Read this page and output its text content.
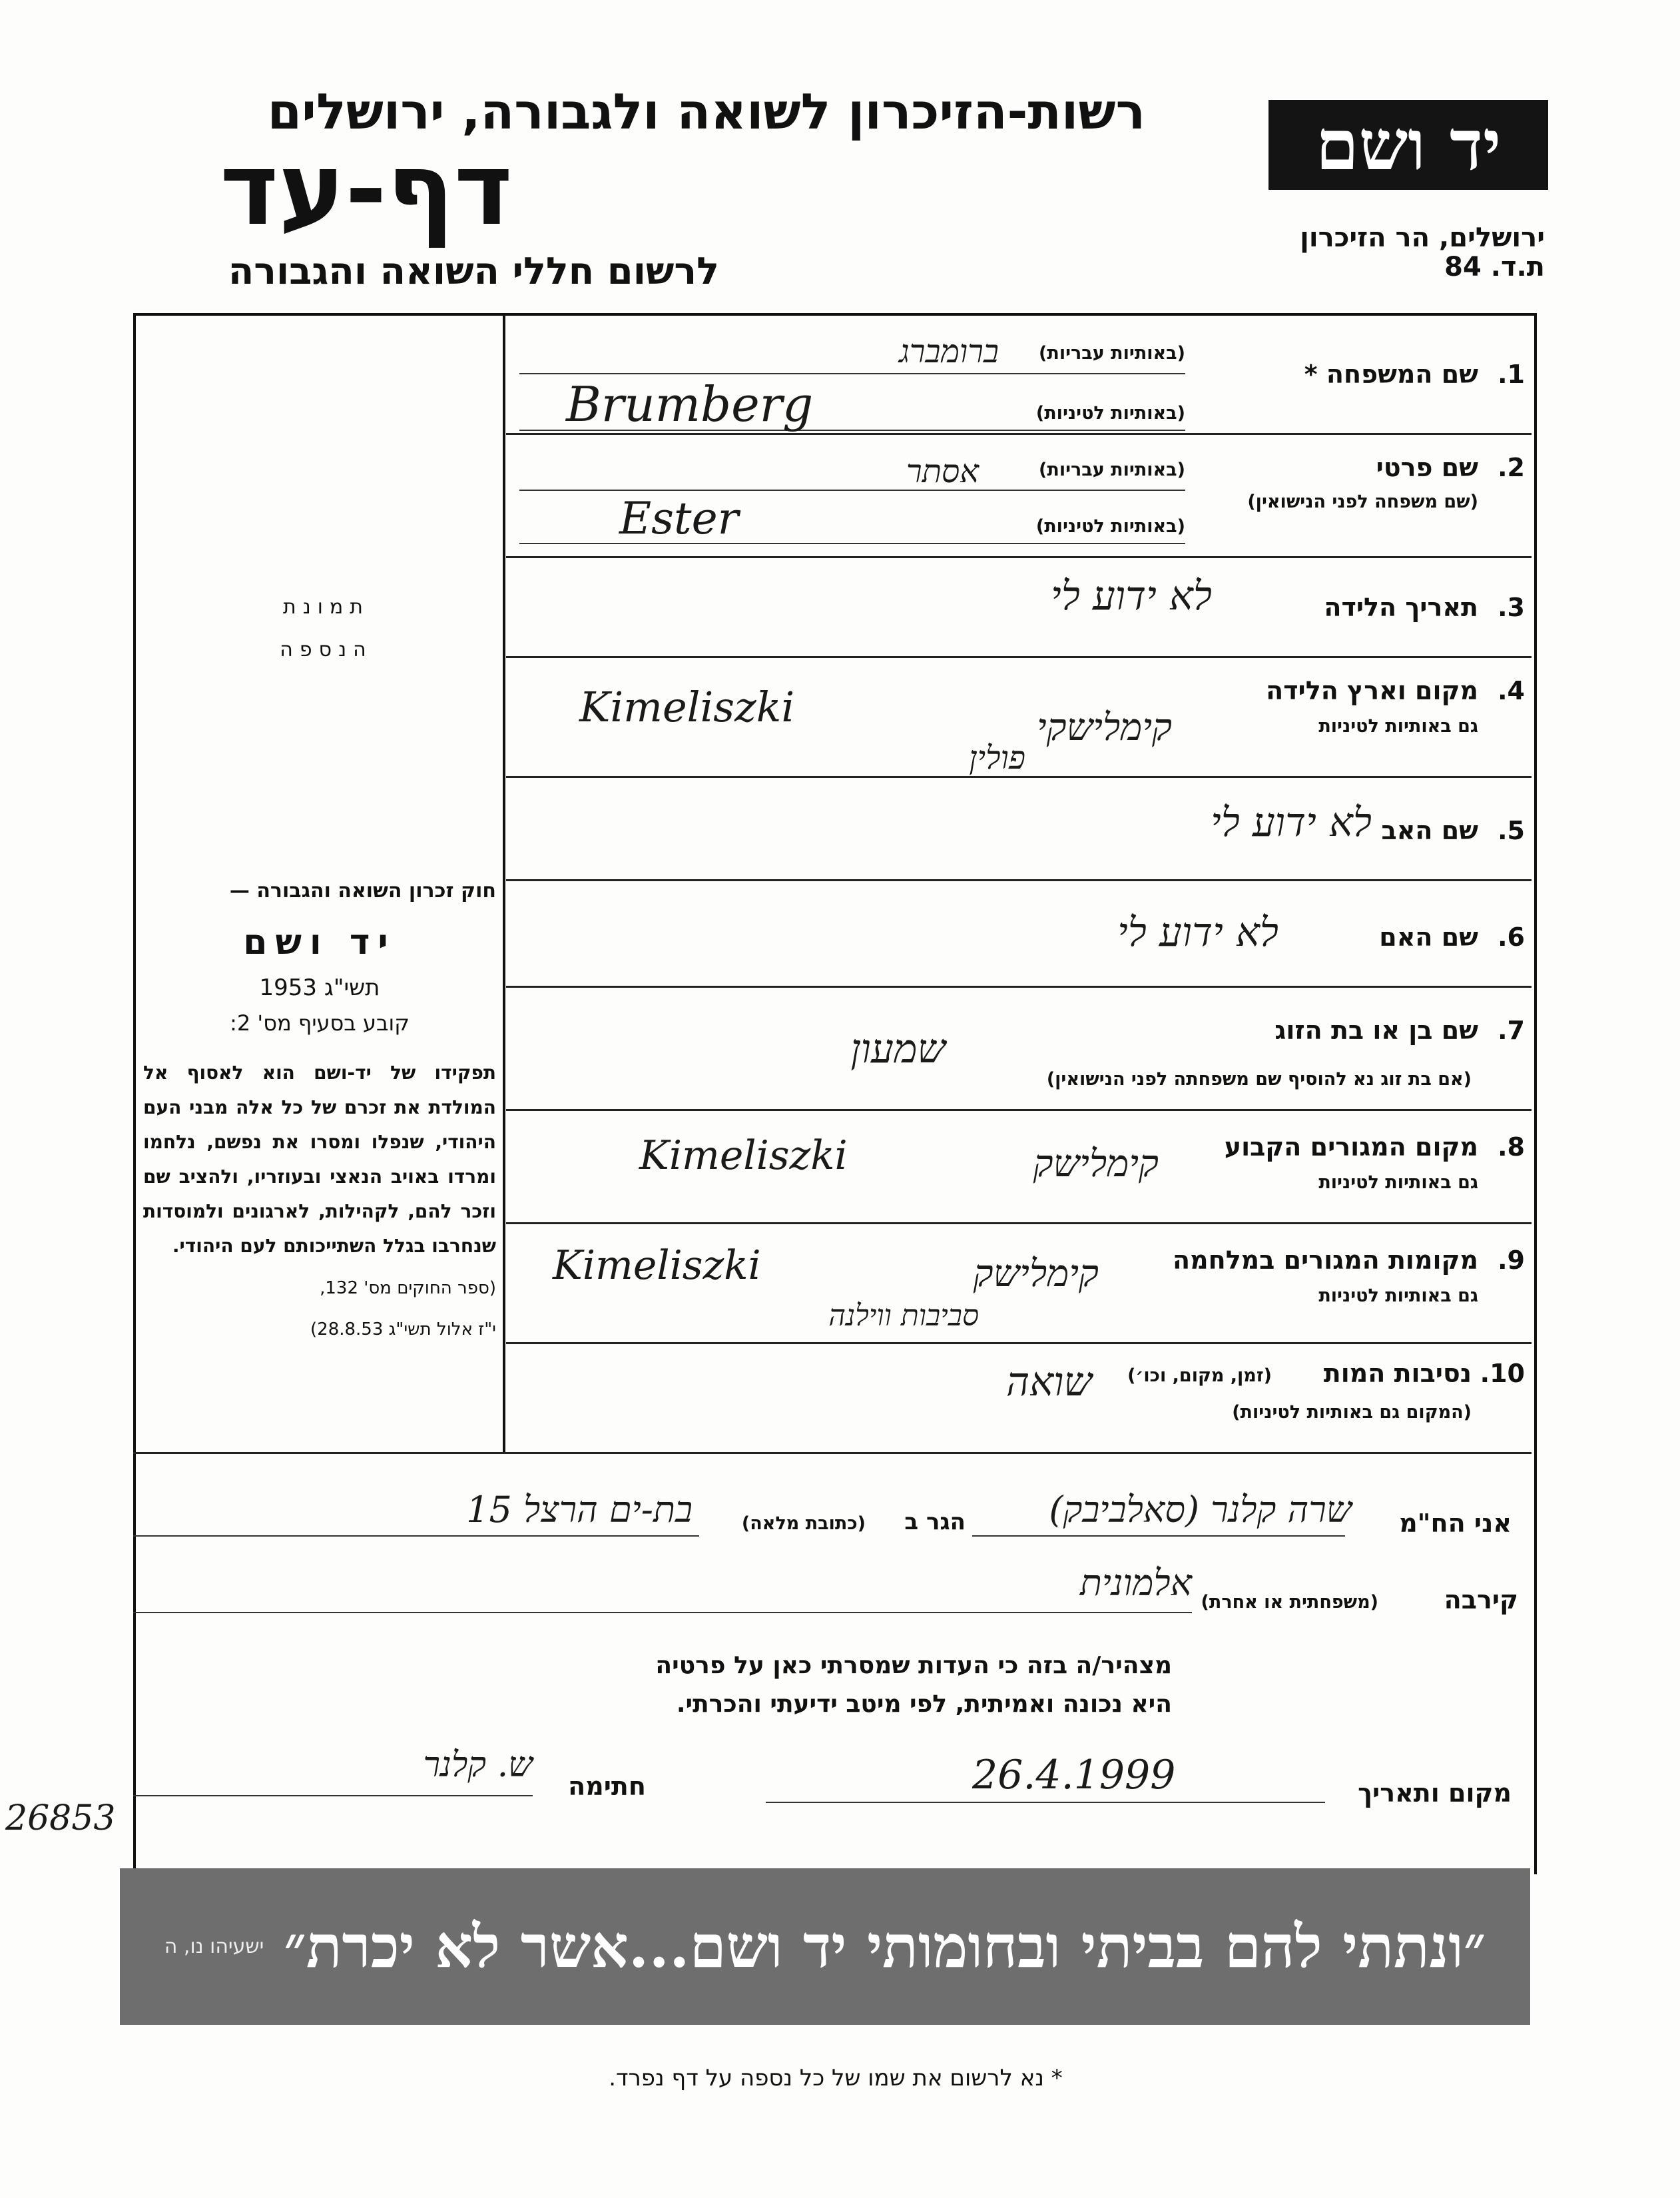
יד ושם
רשות-הזיכרון לשואה ולגבורה, ירושלים
דף-עד
לרשום חללי השואה והגבורה
ירושלים, הר הזיכרון
ת.ד. 84
תמונת
הנספה
חוק זכרון השואה והגבורה —
יד ושם
תשי"ג 1953
קובע בסעיף מס' 2:
תפקידו של יד-ושם הוא לאסוף אל המולדת את זכרם של כל אלה מבני העם היהודי, שנפלו ומסרו את נפשם, נלחמו ומרדו באויב הנאצי ובעוזריו, ולהציב שם וזכר להם, לקהילות, לארגונים ולמוסדות שנחרבו בגלל השתייכותם לעם היהודי.
(ספר החוקים מס' 132,
י"ז אלול תשי"ג 28.8.53)
1.
שם המשפחה *
(באותיות עבריות)
ברומברג
(באותיות לטיניות)
Brumberg
2.
שם פרטי
(שם משפחה לפני הנישואין)
(באותיות עבריות)
אסתר
(באותיות לטיניות)
Ester
3.
תאריך הלידה
לא ידוע לי
4.
מקום וארץ הלידה
גם באותיות לטיניות
Kimeliszki	קימלישקי
פולין
5.
שם האב
לא ידוע לי
6.
שם האם
לא ידוע לי
7.
שם בן או בת הזוג
(אם בת זוג נא להוסיף שם משפחתה לפני הנישואין)
שמעון
8.
מקום המגורים הקבוע
גם באותיות לטיניות
Kimeliszki	קימלישק
9.
מקומות המגורים במלחמה
גם באותיות לטיניות
Kimeliszki	קימלישק
סביבות ווילנה
10.
נסיבות המות
(זמן, מקום, וכו׳)
(המקום גם באותיות לטיניות)
שואה
אני הח"מ
שרה קלנר (סאלביבק)
הגר ב
(כתובת מלאה)
בת-ים הרצל 15
קירבה
(משפחתית או אחרת)
אלמונית
מצהיר/ה בזה כי העדות שמסרתי כאן על פרטיה
היא נכונה ואמיתית, לפי מיטב ידיעתי והכרתי.
מקום ותאריך
26.4.1999
חתימה
ש. קלנר
26853
״ונתתי להם בביתי ובחומותי יד ושם...אשר לא יכרת״
ישעיהו נו, ה
* נא לרשום את שמו של כל נספה על דף נפרד.
